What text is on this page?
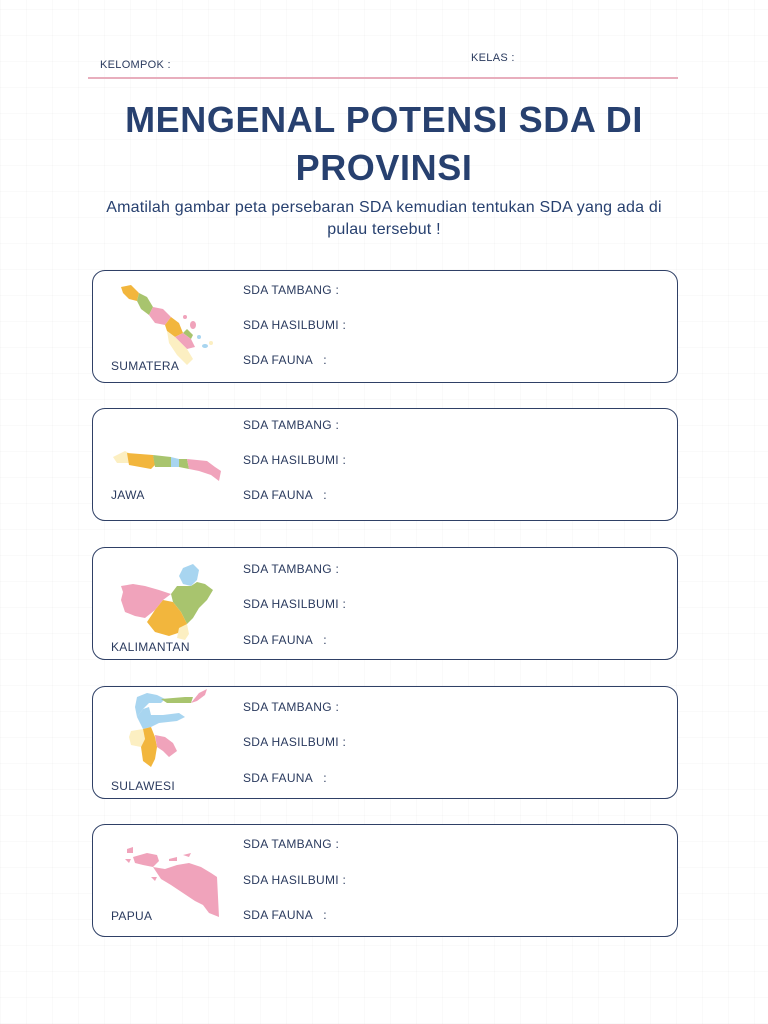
KELOMPOK :
KELAS :
MENGENAL POTENSI SDA DI
PROVINSI
Amatilah gambar peta persebaran SDA kemudian tentukan SDA yang ada di
pulau tersebut !
SUMATERA
SDA TAMBANG :
SDA HASILBUMI :
SDA FAUNA   :
JAWA
SDA TAMBANG :
SDA HASILBUMI :
SDA FAUNA   :
KALIMANTAN
SDA TAMBANG :
SDA HASILBUMI :
SDA FAUNA   :
SULAWESI
SDA TAMBANG :
SDA HASILBUMI :
SDA FAUNA   :
PAPUA
SDA TAMBANG :
SDA HASILBUMI :
SDA FAUNA   :
